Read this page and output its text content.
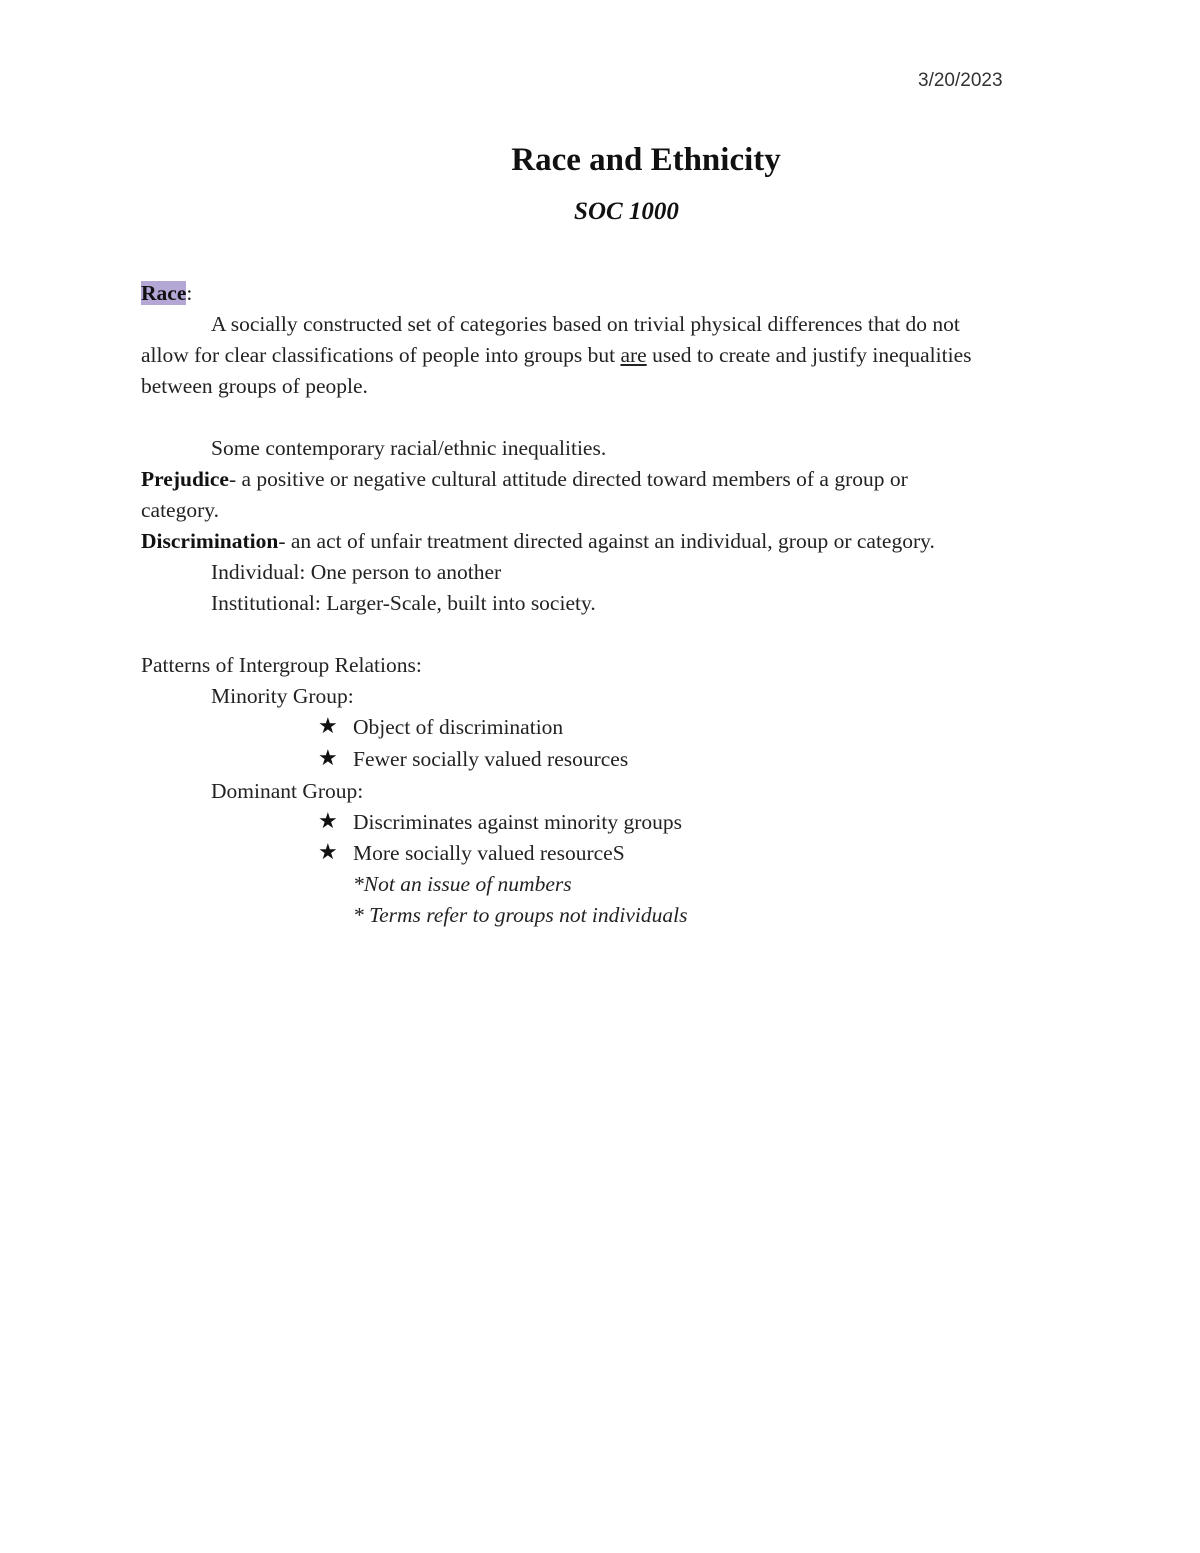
3/20/2023
Race and Ethnicity
SOC 1000
Race:
A socially constructed set of categories based on trivial physical differences that do not
allow for clear classifications of people into groups but are used to create and justify inequalities
between groups of people.
Some contemporary racial/ethnic inequalities.
Prejudice- a positive or negative cultural attitude directed toward members of a group or
category.
Discrimination- an act of unfair treatment directed against an individual, group or category.
Individual: One person to another
Institutional: Larger-Scale, built into society.
Patterns of Intergroup Relations:
Minority Group:
★ Object of discrimination
★ Fewer socially valued resources
Dominant Group:
★ Discriminates against minority groups
★ More socially valued resourceS
*Not an issue of numbers
* Terms refer to groups not individuals
